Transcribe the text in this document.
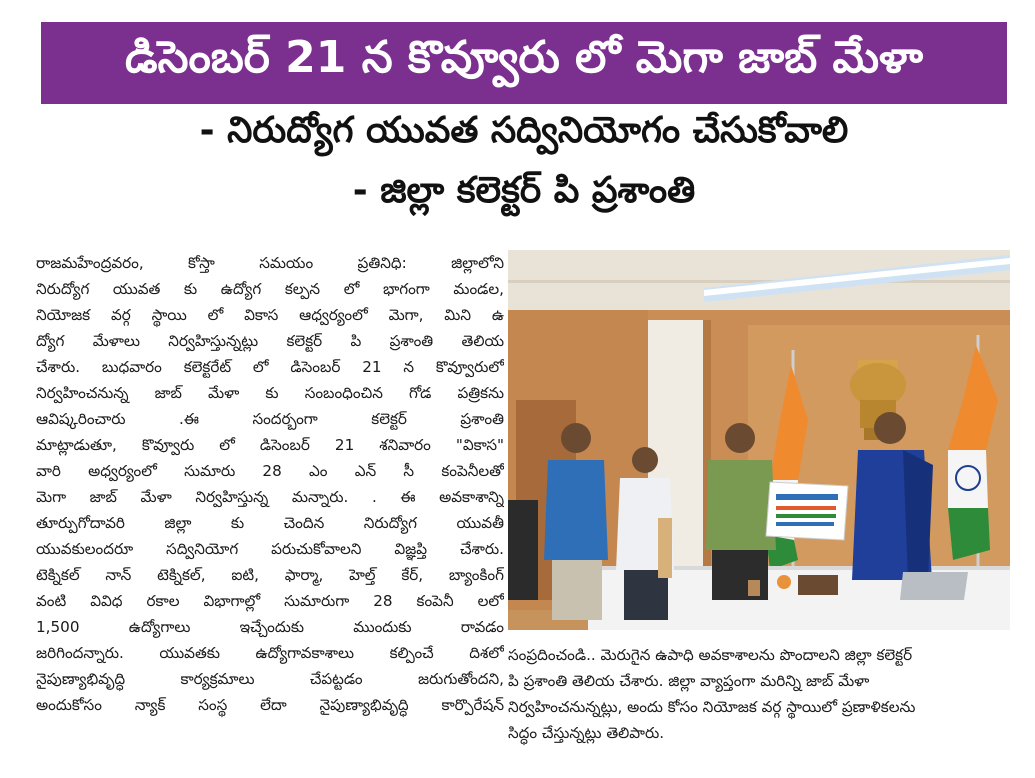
డిసెంబర్ 21 న కొవ్వూరు లో మెగా జాబ్ మేళా
- నిరుద్యోగ యువత సద్వినియోగం చేసుకోవాలి
- జిల్లా కలెక్టర్ పి ప్రశాంతి
రాజమహేంద్రవరం, కోస్తా సమయం ప్రతినిధి: జిల్లాలోని
నిరుద్యోగ యువత కు ఉద్యోగ కల్పన లో భాగంగా మండల,
నియోజక వర్గ స్థాయి లో వికాస ఆధ్వర్యంలో మెగా, మిని ఉ
ద్యోగ మేళాలు నిర్వహిస్తున్నట్లు కలెక్టర్ పి ప్రశాంతి తెలియ
చేశారు. బుధవారం కలెక్టరేట్ లో డిసెంబర్ 21 న కొవ్వూరులో
నిర్వహించనున్న జాబ్ మేళా కు సంబంధించిన గోడ పత్రికను
ఆవిష్కరించారు .ఈ సందర్బంగా కలెక్టర్ ప్రశాంతి
మాట్లాడుతూ, కొవ్వూరు లో డిసెంబర్ 21 శనివారం "వికాస"
వారి అధ్వర్యంలో సుమారు 28 ఎం ఎన్ సీ కంపెనీలతో
మెగా జాబ్ మేళా నిర్వహిస్తున్న మన్నారు. . ఈ అవకాశాన్ని
తూర్పుగోదావరి జిల్లా కు చెందిన నిరుద్యోగ యువతీ
యువకులందరూ సద్వినియోగ పరుచుకోవాలని విజ్ఞప్తి చేశారు.
టెక్నికల్ నాన్ టెక్నికల్, ఐటి, ఫార్మా, హెల్త్ కేర్, బ్యాంకింగ్
వంటి వివిధ రకాల విభాగాల్లో సుమారుగా 28 కంపెనీ లలో
1,500 ఉద్యోగాలు ఇచ్చేందుకు ముందుకు రావడం
జరిగిందన్నారు. యువతకు ఉద్యోగావకాశాలు కల్పించే దిశలో
నైపుణ్యాభివృద్ధి కార్యక్రమాలు చేపట్టడం జరుగుతోందని,
అందుకోసం న్యాక్ సంస్థ లేదా నైపుణ్యాభివృద్ధి కార్పొరేషన్
సంప్రదించండి.. మెరుగైన ఉపాధి అవకాశాలను పొందాలని జిల్లా కలెక్టర్
పి ప్రశాంతి తెలియ చేశారు. జిల్లా వ్యాప్తంగా మరిన్ని జాబ్ మేళా
నిర్వహించనున్నట్లు, అందు కోసం నియోజక వర్గ స్థాయిలో ప్రణాళికలను
సిద్ధం చేస్తున్నట్లు తెలిపారు.
